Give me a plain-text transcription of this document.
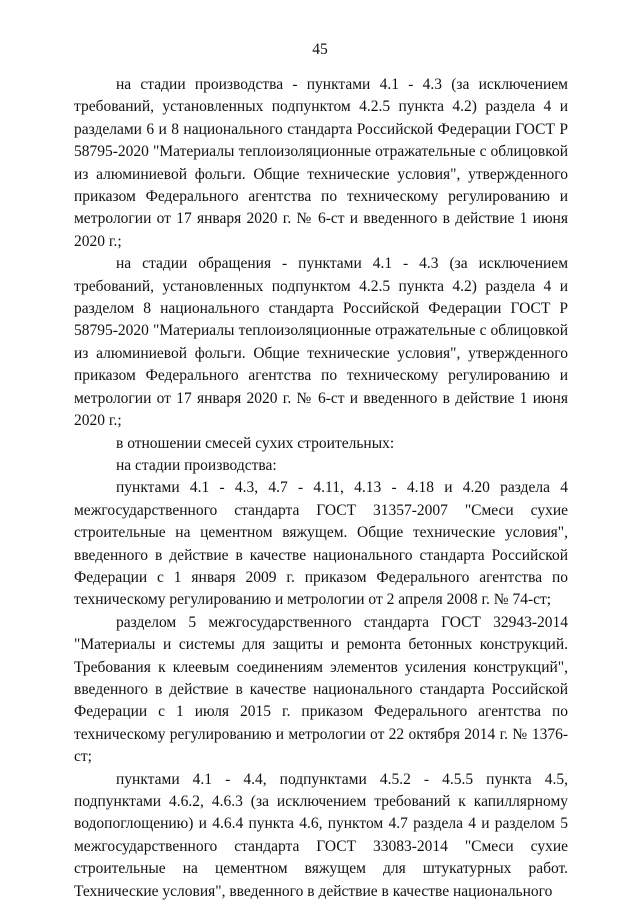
45

на стадии производства - пунктами 4.1 - 4.3 (за исключением требований, установленных подпунктом 4.2.5 пункта 4.2) раздела 4 и разделами 6 и 8 национального стандарта Российской Федерации ГОСТ Р 58795-2020 "Материалы теплоизоляционные отражательные с облицовкой из алюминиевой фольги. Общие технические условия", утвержденного приказом Федерального агентства по техническому регулированию и метрологии от 17 января 2020 г. № 6-ст и введенного в действие 1 июня 2020 г.;

на стадии обращения - пунктами 4.1 - 4.3 (за исключением требований, установленных подпунктом 4.2.5 пункта 4.2) раздела 4 и разделом 8 национального стандарта Российской Федерации ГОСТ Р 58795-2020 "Материалы теплоизоляционные отражательные с облицовкой из алюминиевой фольги. Общие технические условия", утвержденного приказом Федерального агентства по техническому регулированию и метрологии от 17 января 2020 г. № 6-ст и введенного в действие 1 июня 2020 г.;

в отношении смесей сухих строительных:

на стадии производства:

пунктами 4.1 - 4.3, 4.7 - 4.11, 4.13 - 4.18 и 4.20 раздела 4 межгосударственного стандарта ГОСТ 31357-2007 "Смеси сухие строительные на цементном вяжущем. Общие технические условия", введенного в действие в качестве национального стандарта Российской Федерации с 1 января 2009 г. приказом Федерального агентства по техническому регулированию и метрологии от 2 апреля 2008 г. № 74-ст;

разделом 5 межгосударственного стандарта ГОСТ 32943-2014 "Материалы и системы для защиты и ремонта бетонных конструкций. Требования к клеевым соединениям элементов усиления конструкций", введенного в действие в качестве национального стандарта Российской Федерации с 1 июля 2015 г. приказом Федерального агентства по техническому регулированию и метрологии от 22 октября 2014 г. № 1376-ст;

пунктами 4.1 - 4.4, подпунктами 4.5.2 - 4.5.5 пункта 4.5, подпунктами 4.6.2, 4.6.3 (за исключением требований к капиллярному водопоглощению) и 4.6.4 пункта 4.6, пунктом 4.7 раздела 4 и разделом 5 межгосударственного стандарта ГОСТ 33083-2014 "Смеси сухие строительные на цементном вяжущем для штукатурных работ. Технические условия", введенного в действие в качестве национального
